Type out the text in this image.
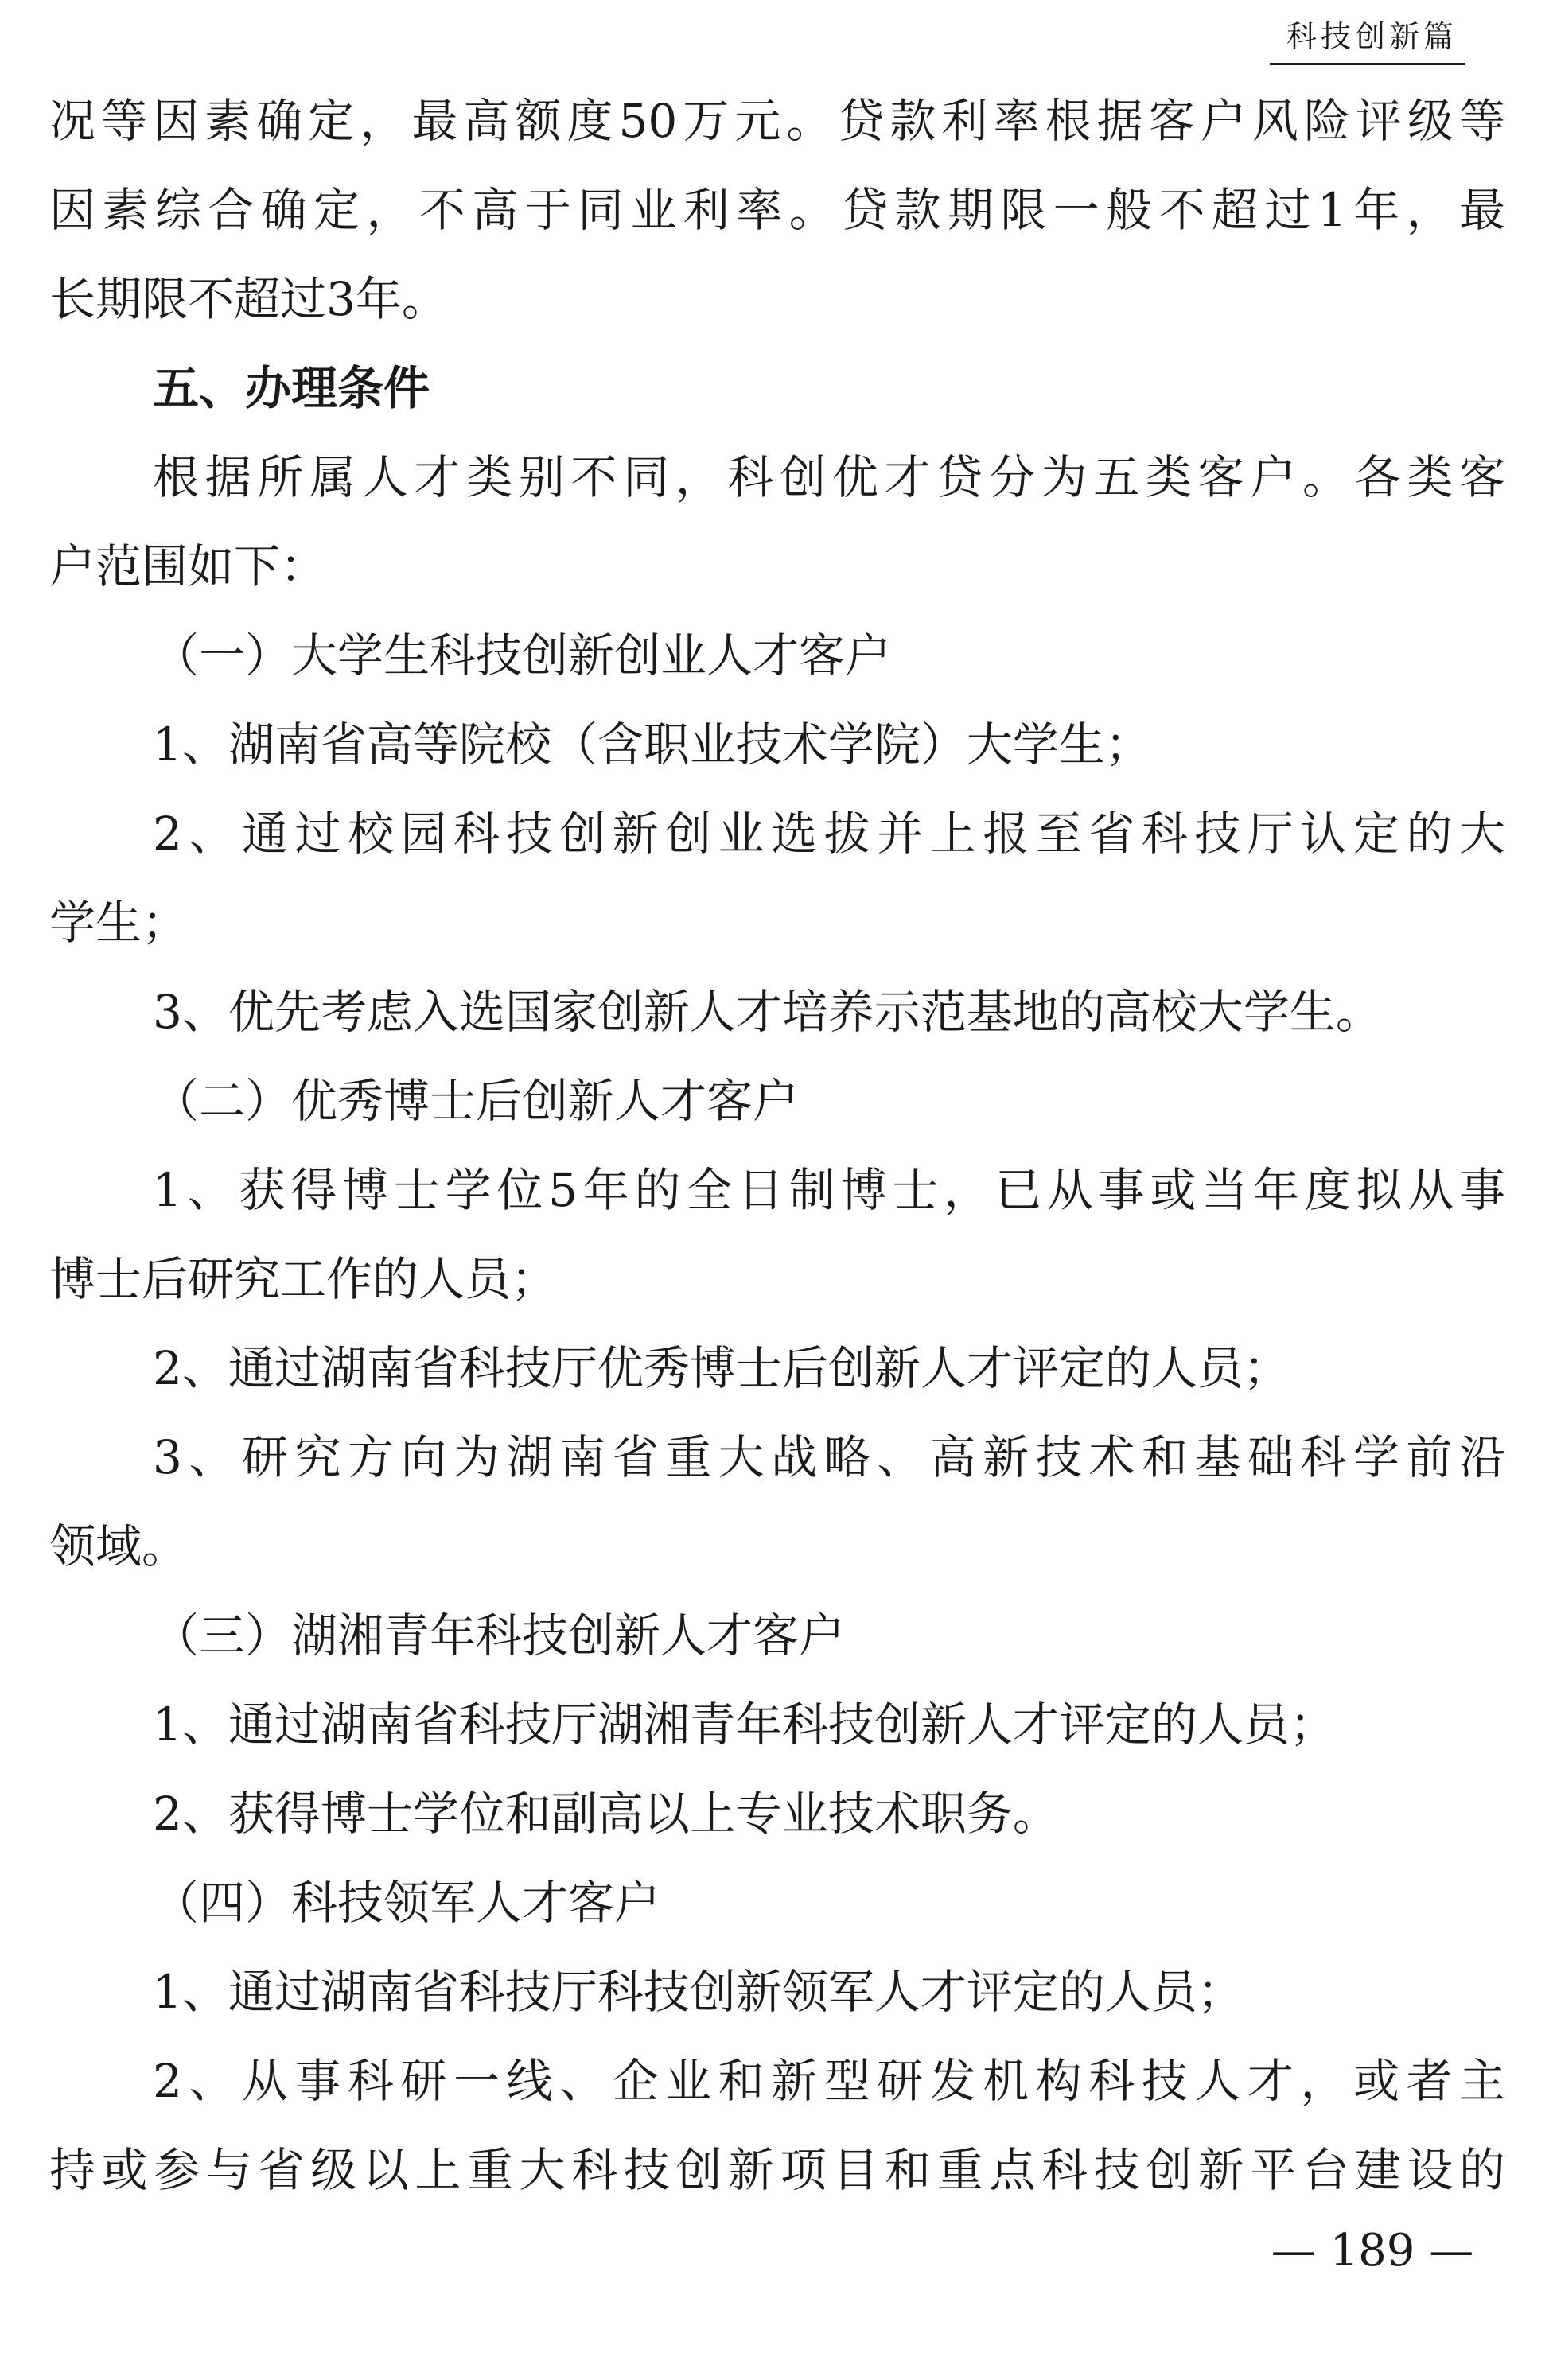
科技创新篇
况等因素确定，最高额度50万元。贷款利率根据客户风险评级等
因素综合确定，不高于同业利率。贷款期限一般不超过1年，最
长期限不超过3年。
五、办理条件
根据所属人才类别不同，科创优才贷分为五类客户。各类客
户范围如下：
（一）大学生科技创新创业人才客户
1、湖南省高等院校（含职业技术学院）大学生；
2、通过校园科技创新创业选拔并上报至省科技厅认定的大
学生；
3、优先考虑入选国家创新人才培养示范基地的高校大学生。
（二）优秀博士后创新人才客户
1、获得博士学位5年的全日制博士，已从事或当年度拟从事
博士后研究工作的人员；
2、通过湖南省科技厅优秀博士后创新人才评定的人员；
3、研究方向为湖南省重大战略、高新技术和基础科学前沿
领域。
（三）湖湘青年科技创新人才客户
1、通过湖南省科技厅湖湘青年科技创新人才评定的人员；
2、获得博士学位和副高以上专业技术职务。
（四）科技领军人才客户
1、通过湖南省科技厅科技创新领军人才评定的人员；
2、从事科研一线、企业和新型研发机构科技人才，或者主
持或参与省级以上重大科技创新项目和重点科技创新平台建设的
— 189 —
